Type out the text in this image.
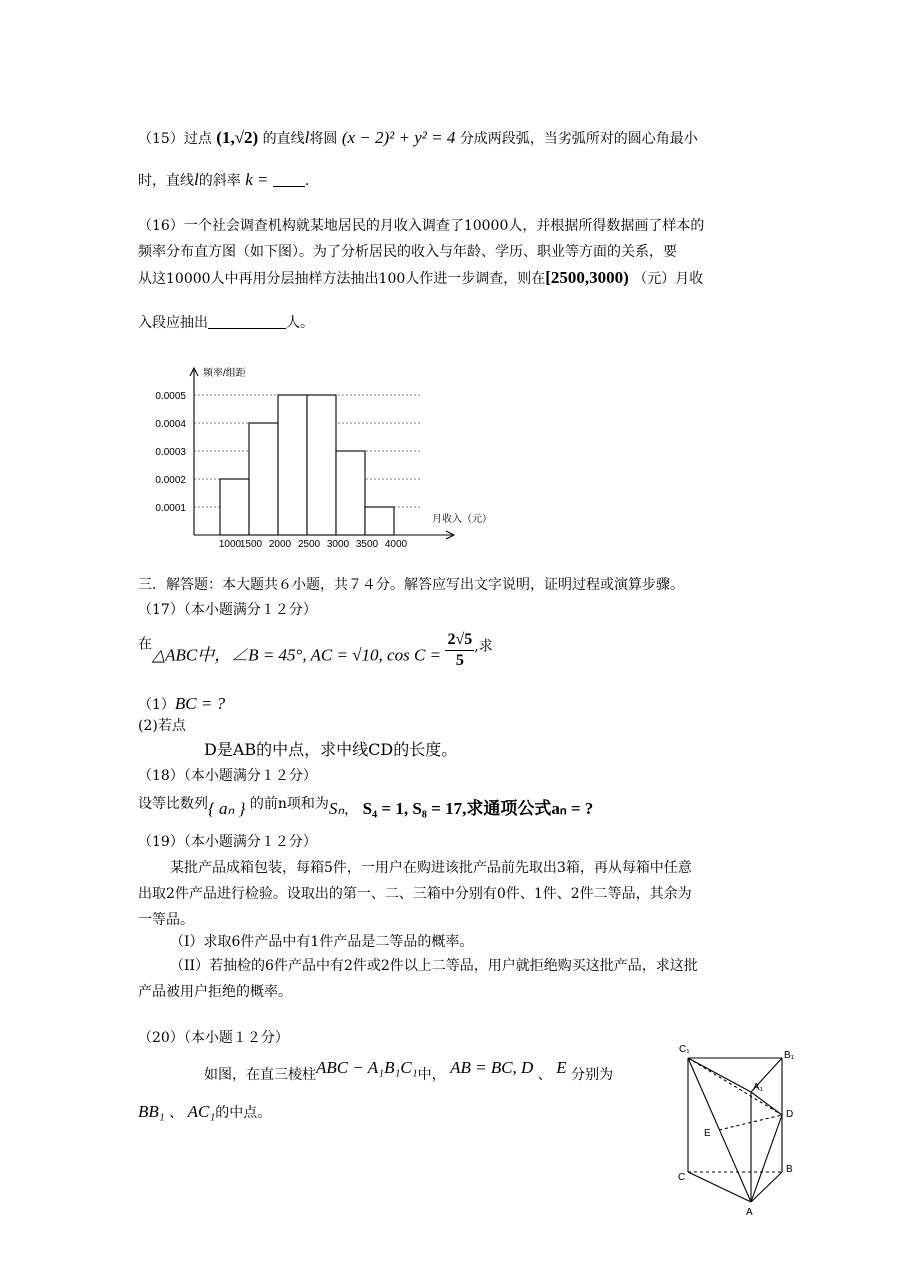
（15）过点 (1,√2) 的直线l将圆 (x − 2)² + y² = 4 分成两段弧，当劣弧所对的圆心角最小
时，直线l的斜率 k =	.
（16）一个社会调查机构就某地居民的月收入调查了10000人，并根据所得数据画了样本的
频率分布直方图（如下图）。为了分析居民的收入与年龄、学历、职业等方面的关系，要
从这10000人中再用分层抽样方法抽出100人作进一步调查，则在[2500,3000) （元）月收
入段应抽出	人。
频率/组距
月收入（元）
0.0001
0.0002
0.0003
0.0004
0.0005
1000
1500 2000 2500 3000 3500 4000
三．解答题：本大题共６小题，共７４分。解答应写出文字说明，证明过程或演算步骤。
（17）（本小题满分１２分）
在△ABC中，∠B = 45°, AC = √10, $\cos C = \frac{2√5}{5}$ ,求
（1）BC = ?
(2)若点
D是AB的中点，求中线CD的长度。
（18）（本小题满分１２分）
设等比数列{ aₙ } 的前n项和为Sₙ， S₄ = 1, S₈ = 17,求通项公式aₙ = ?
（19）（本小题满分１２分）
某批产品成箱包装，每箱5件，一用户在购进该批产品前先取出3箱，再从每箱中任意
出取2件产品进行检验。设取出的第一、二、三箱中分别有0件、1件、2件二等品，其余为
一等品。
（I）求取6件产品中有1件产品是二等品的概率。
（II）若抽检的6件产品中有2件或2件以上二等品，用户就拒绝购买这批产品，求这批
产品被用户拒绝的概率。
（20）（本小题１２分）
如图，在直三棱柱ABC − A₁B₁C₁中， AB = BC, D 、 E 分别为
BB₁ 、 AC₁的中点。
C₁
B₁
A₁
D
E
C
B
A
